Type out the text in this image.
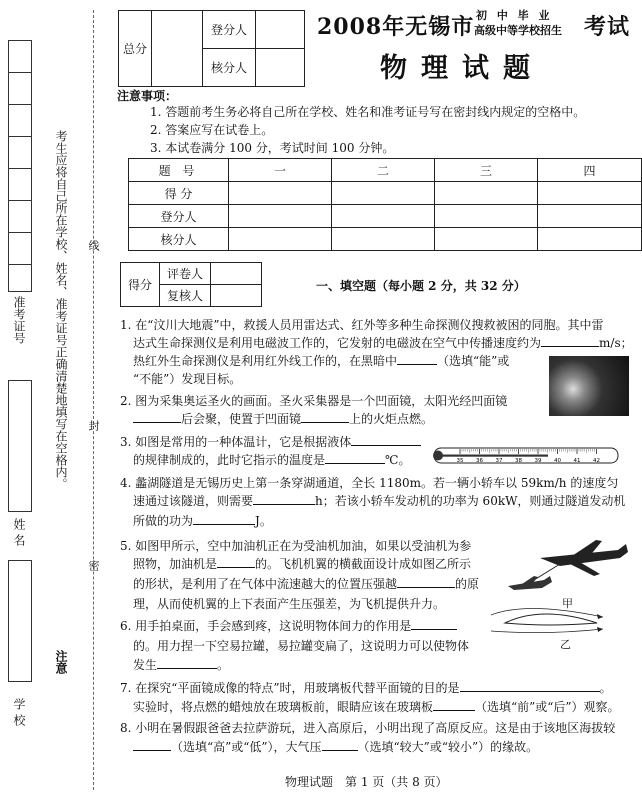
准考证号
姓 名
学 校
考生应将自己所在学校、姓名、准考证号正确清楚地填写在空格内。
注意
线
封
密
总分		登分人	
		核分人	
2008年无锡市 初 中 毕 业
高级中等学校招生 考试
物理试题
注意事项：
1. 答题前考生务必将自己所在学校、姓名和准考证号写在密封线内规定的空格中。
2. 答案应写在试卷上。
3. 本试卷满分 100 分，考试时间 100 分钟。
题 号	一	二	三	四
得 分				
登分人				
核分人				
得分	评卷人	
	复核人	
一、填空题（每小题 2 分，共 32 分）
1. 在“汶川大地震”中，救援人员用雷达式、红外等多种生命探测仪搜救被困的同胞。其中雷
达式生命探测仪是利用电磁波工作的，它发射的电磁波在空气中传播速度约为	m/s；
热红外生命探测仪是利用红外线工作的，在黑暗中	（选填“能”或
“不能”）发现目标。
2. 图为采集奥运圣火的画面。圣火采集器是一个凹面镜，太阳光经凹面镜
后会聚，使置于凹面镜	上的火炬点燃。
3. 如图是常用的一种体温计，它是根据液体
的规律制成的，此时它指示的温度是	℃。	35 36 37 38 39 40 41 42
4. 蠡湖隧道是无锡历史上第一条穿湖通道，全长 1180m。若一辆小轿车以 59km/h 的速度匀
速通过该隧道，则需要	h；若该小轿车发动机的功率为 60kW，则通过隧道发动机
所做的功为	J。
5. 如图甲所示，空中加油机正在为受油机加油，如果以受油机为参
照物，加油机是	的。飞机机翼的横截面设计成如图乙所示
的形状，是利用了在气体中流速越大的位置压强越	的原
理，从而使机翼的上下表面产生压强差，为飞机提供升力。	甲
乙
6. 用手拍桌面，手会感到疼，这说明物体间力的作用是
的。用力捏一下空易拉罐，易拉罐变扁了，这说明力可以使物体
发生	。
7. 在探究“平面镜成像的特点”时，用玻璃板代替平面镜的目的是	。
实验时，将点燃的蜡烛放在玻璃板前，眼睛应该在玻璃板	（选填“前”或“后”）观察。
8. 小明在暑假跟爸爸去拉萨游玩，进入高原后，小明出现了高原反应。这是由于该地区海拔较
（选填“高”或“低”），大气压	（选填“较大”或“较小”）的缘故。
物理试题　第 1 页（共 8 页）
